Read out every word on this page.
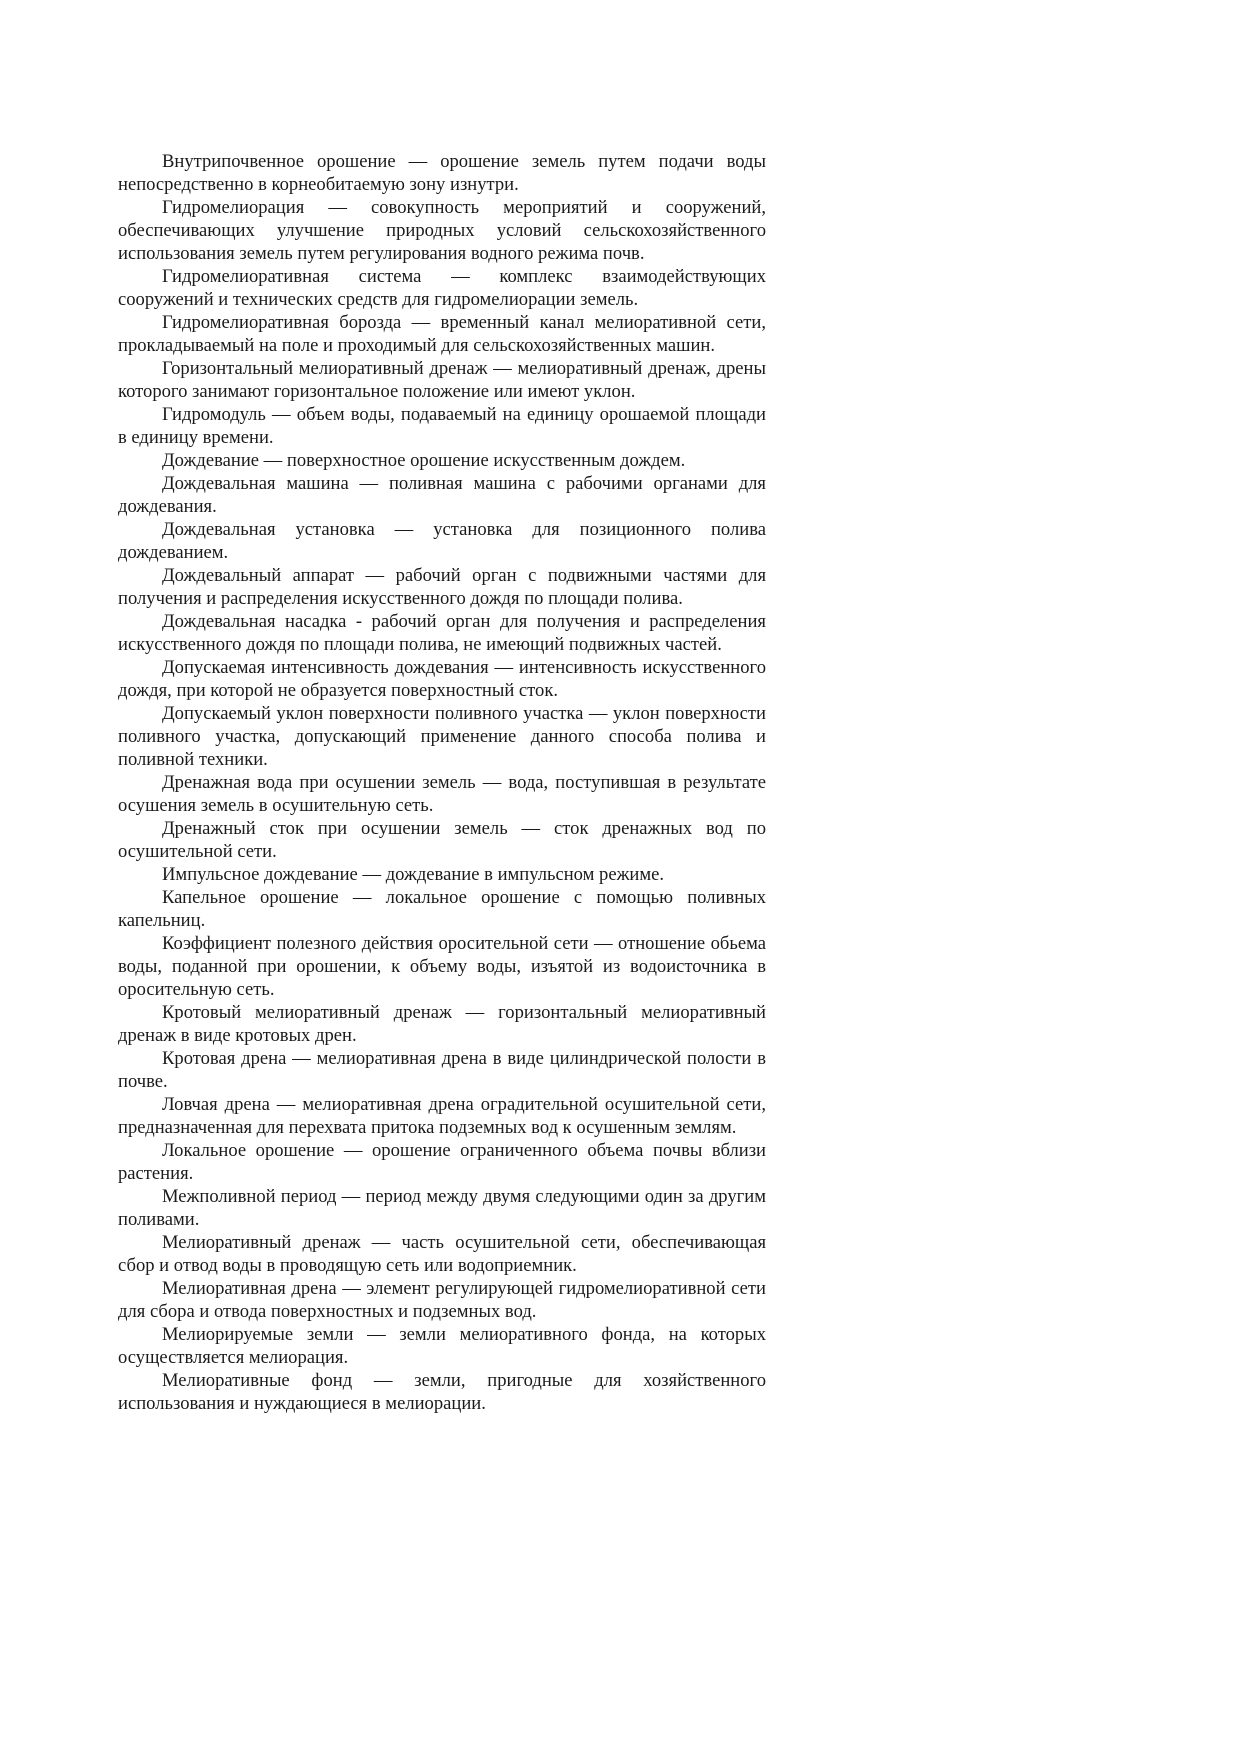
Внутрипочвенное орошение — орошение земель путем подачи воды непосредственно в корнеобитаемую зону изнутри.

Гидромелиорация — совокупность мероприятий и сооружений, обеспечивающих улучшение природных условий сельскохозяйственного использования земель путем регулирования водного режима почв.

Гидромелиоративная система — комплекс взаимодействующих сооружений и технических средств для гидромелиорации земель.

Гидромелиоративная борозда — временный канал мелиоративной сети, прокладываемый на поле и проходимый для сельскохозяйственных машин.

Горизонтальный мелиоративный дренаж — мелиоративный дренаж, дрены которого занимают горизонтальное положение или имеют уклон.

Гидромодуль — объем воды, подаваемый на единицу орошаемой площади в единицу времени.

Дождевание — поверхностное орошение искусственным дождем.

Дождевальная машина — поливная машина с рабочими органами для дождевания.

Дождевальная установка — установка для позиционного полива дождеванием.

Дождевальный аппарат — рабочий орган с подвижными частями для получения и распределения искусственного дождя по площади полива.

Дождевальная насадка - рабочий орган для получения и распределения искусственного дождя по площади полива, не имеющий подвижных частей.

Допускаемая интенсивность дождевания — интенсивность искусственного дождя, при которой не образуется поверхностный сток.

Допускаемый уклон поверхности поливного участка — уклон поверхности поливного участка, допускающий применение данного способа полива и поливной техники.

Дренажная вода при осушении земель — вода, поступившая в результате осушения земель в осушительную сеть.

Дренажный сток при осушении земель — сток дренажных вод по осушительной сети.

Импульсное дождевание — дождевание в импульсном режиме.

Капельное орошение — локальное орошение с помощью поливных капельниц.

Коэффициент полезного действия оросительной сети — отношение обьема воды, поданной при орошении, к объему воды, изъятой из водоисточника в оросительную сеть.

Кротовый мелиоративный дренаж — горизонтальный мелиоративный дренаж в виде кротовых дрен.

Кротовая дрена — мелиоративная дрена в виде цилиндрической полости в почве.

Ловчая дрена — мелиоративная дрена оградительной осушительной сети, предназначенная для перехвата притока подземных вод к осушенным землям.

Локальное орошение — орошение ограниченного объема почвы вблизи растения.

Межполивной период — период между двумя следующими один за другим поливами.

Мелиоративный дренаж — часть осушительной сети, обеспечивающая сбор и отвод воды в проводящую сеть или водоприемник.

Мелиоративная дрена — элемент регулирующей гидромелиоративной сети для сбора и отвода поверхностных и подземных вод.

Мелиорируемые земли — земли мелиоративного фонда, на которых осуществляется мелиорация.

Мелиоративные фонд — земли, пригодные для хозяйственного использования и нуждающиеся в мелиорации.
